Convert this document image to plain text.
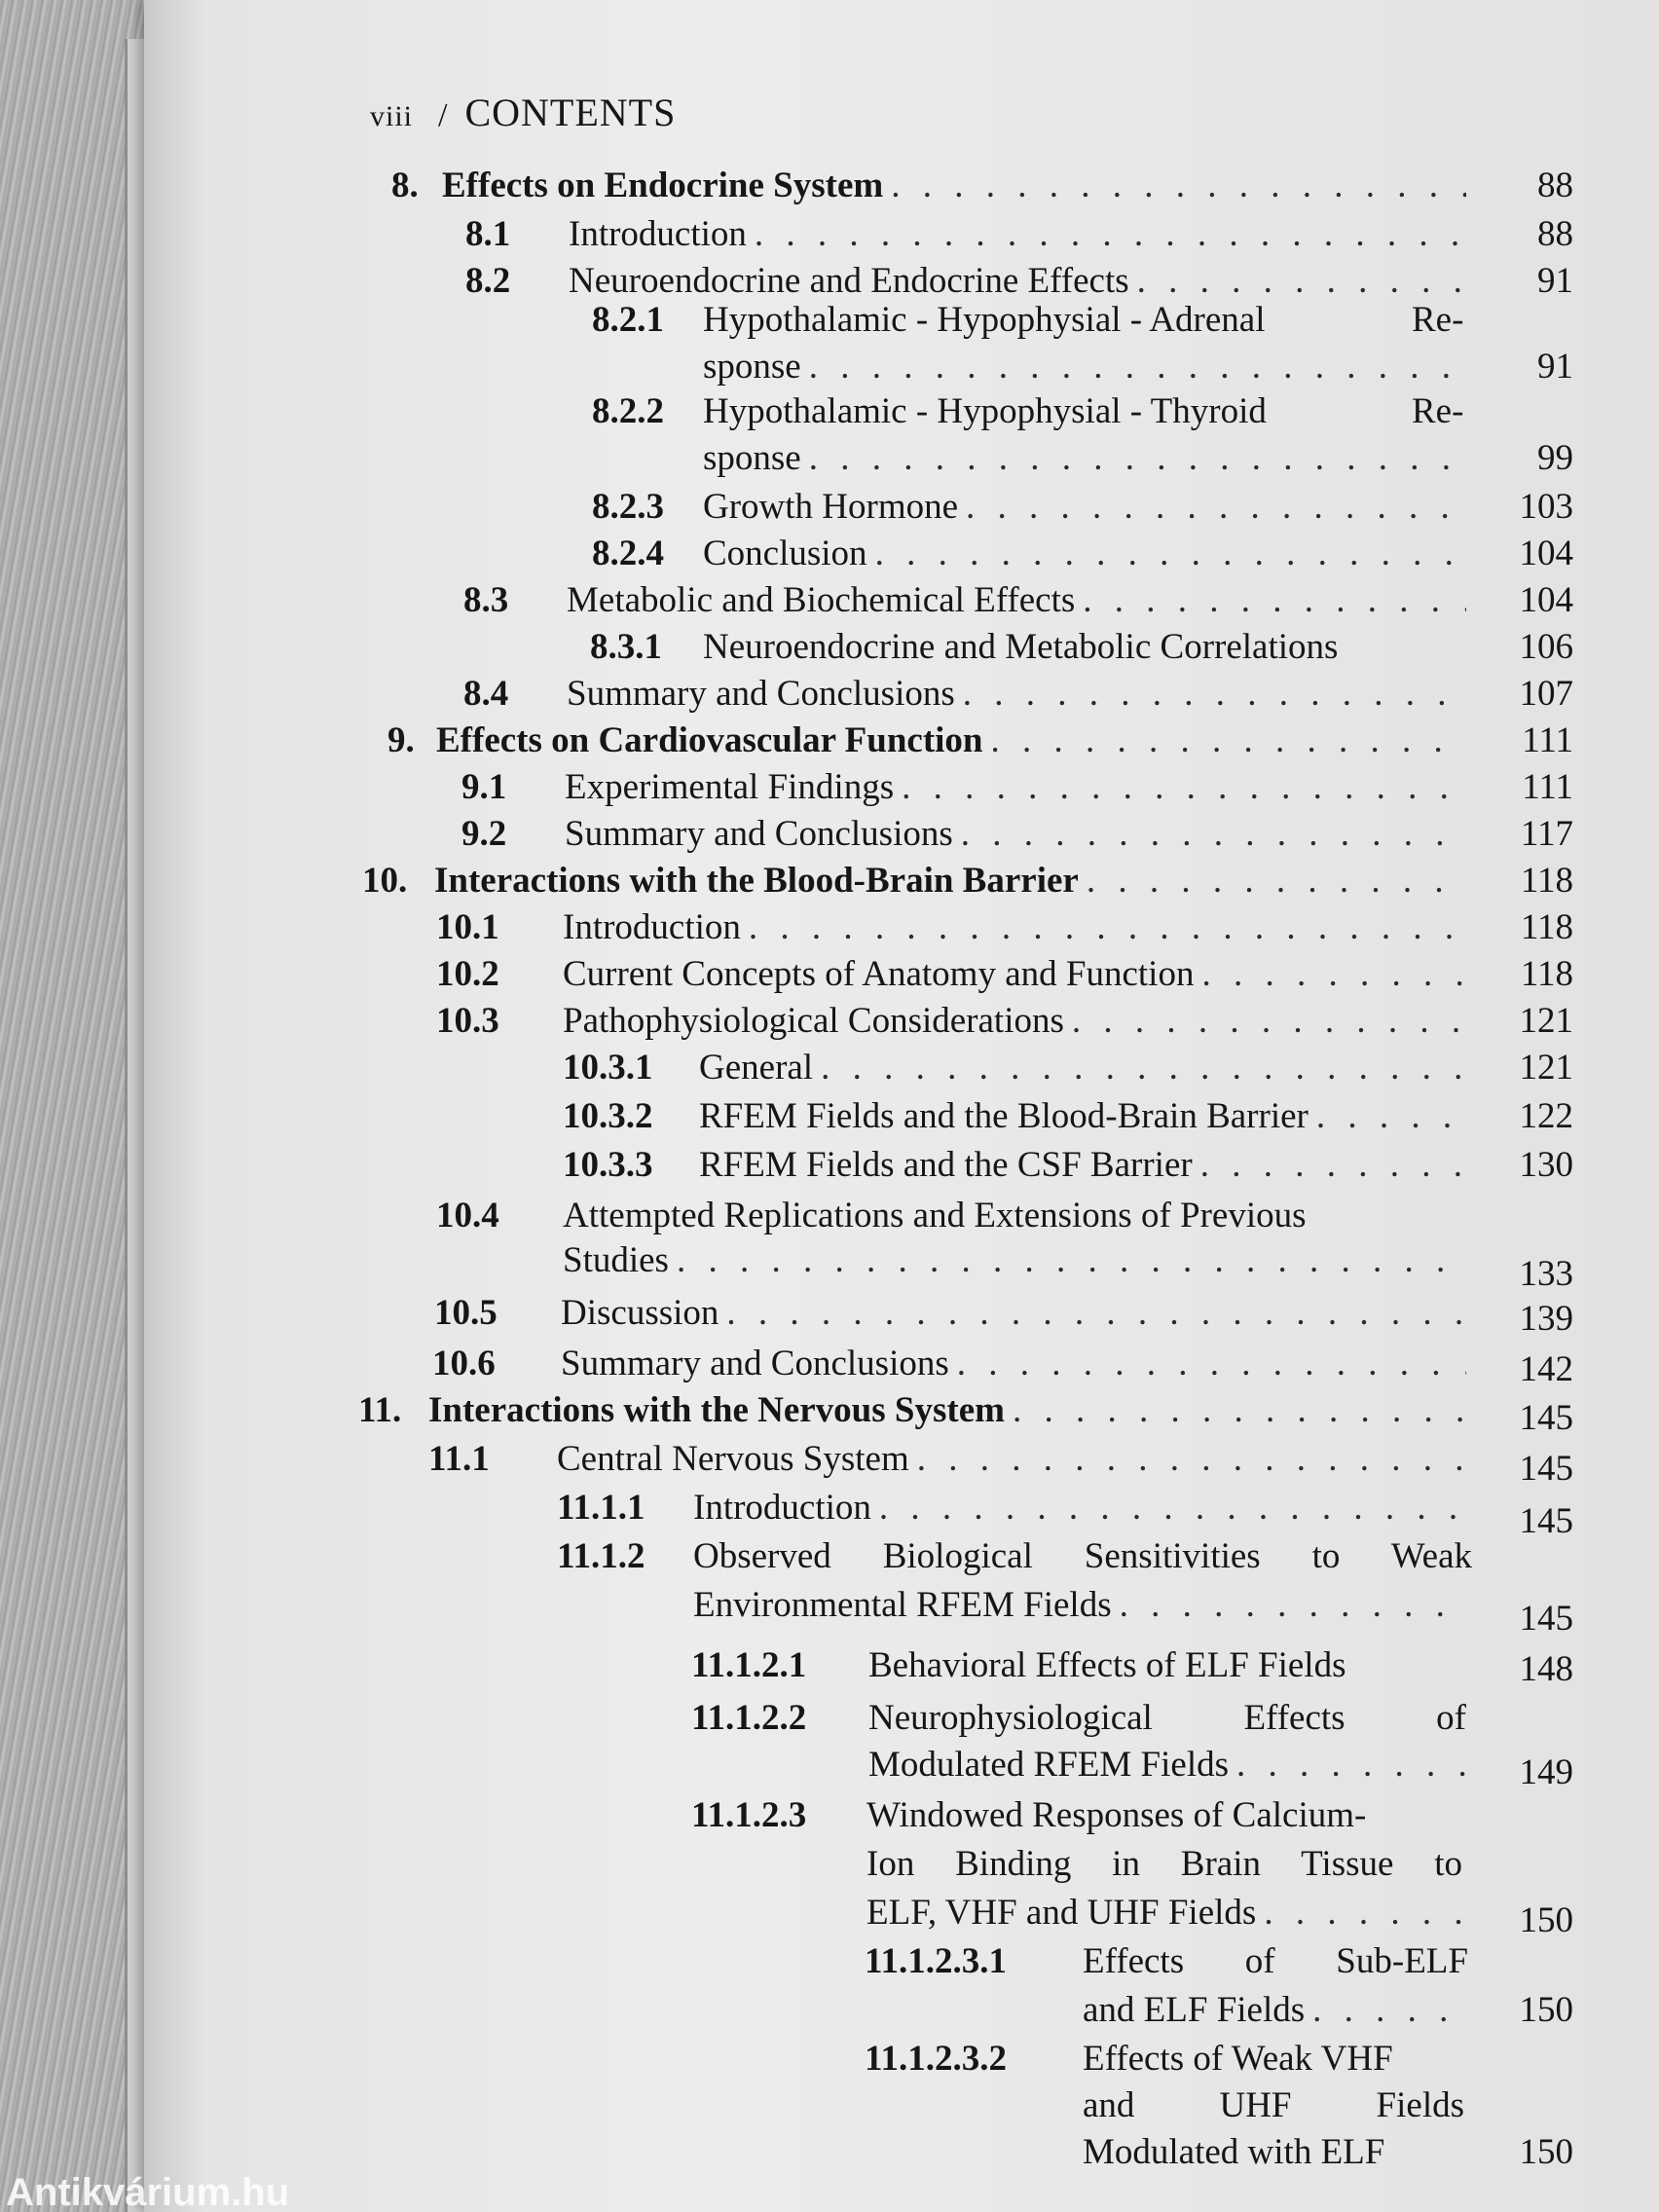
viii / CONTENTS
8. Effects on Endocrine System . . .	88
8.1 Introduction . . .	88
8.2 Neuroendocrine and Endocrine Effects . . .	91
8.2.1 Hypothalamic - Hypophysial - Adrenal	Re-
sponse . . .	91
8.2.2 Hypothalamic - Hypophysial - Thyroid	Re-
sponse . . .	99
8.2.3 Growth Hormone . . .	103
8.2.4 Conclusion . . .	104
8.3 Metabolic and Biochemical Effects . . .	104
8.3.1 Neuroendocrine and Metabolic Correlations	106
8.4 Summary and Conclusions . . .	107
9. Effects on Cardiovascular Function . . .	111
9.1 Experimental Findings . . .	111
9.2 Summary and Conclusions . . .	117
10. Interactions with the Blood-Brain Barrier . . .	118
10.1 Introduction . . .	118
10.2 Current Concepts of Anatomy and Function . . .	118
10.3 Pathophysiological Considerations . . .	121
10.3.1 General . . .	121
10.3.2 RFEM Fields and the Blood-Brain Barrier . . .	122
10.3.3 RFEM Fields and the CSF Barrier . . .	130
10.4 Attempted Replications and Extensions of Previous
Studies . . .	133
10.5 Discussion . . .	139
10.6 Summary and Conclusions . . .	142
11. Interactions with the Nervous System . . .	145
11.1 Central Nervous System . . .	145
11.1.1 Introduction . . .	145
11.1.2 Observed Biological Sensitivities to Weak
Environmental RFEM Fields . . .	145
11.1.2.1 Behavioral Effects of ELF Fields	148
11.1.2.2 Neurophysiological Effects of
Modulated RFEM Fields . . .	149
11.1.2.3 Windowed Responses of Calcium-
Ion Binding in Brain Tissue to
ELF, VHF and UHF Fields . . .	150
11.1.2.3.1 Effects of Sub-ELF
and ELF Fields . . .	150
11.1.2.3.2 Effects of Weak VHF
and UHF Fields
Modulated with ELF	150
Antikvárium.hu
